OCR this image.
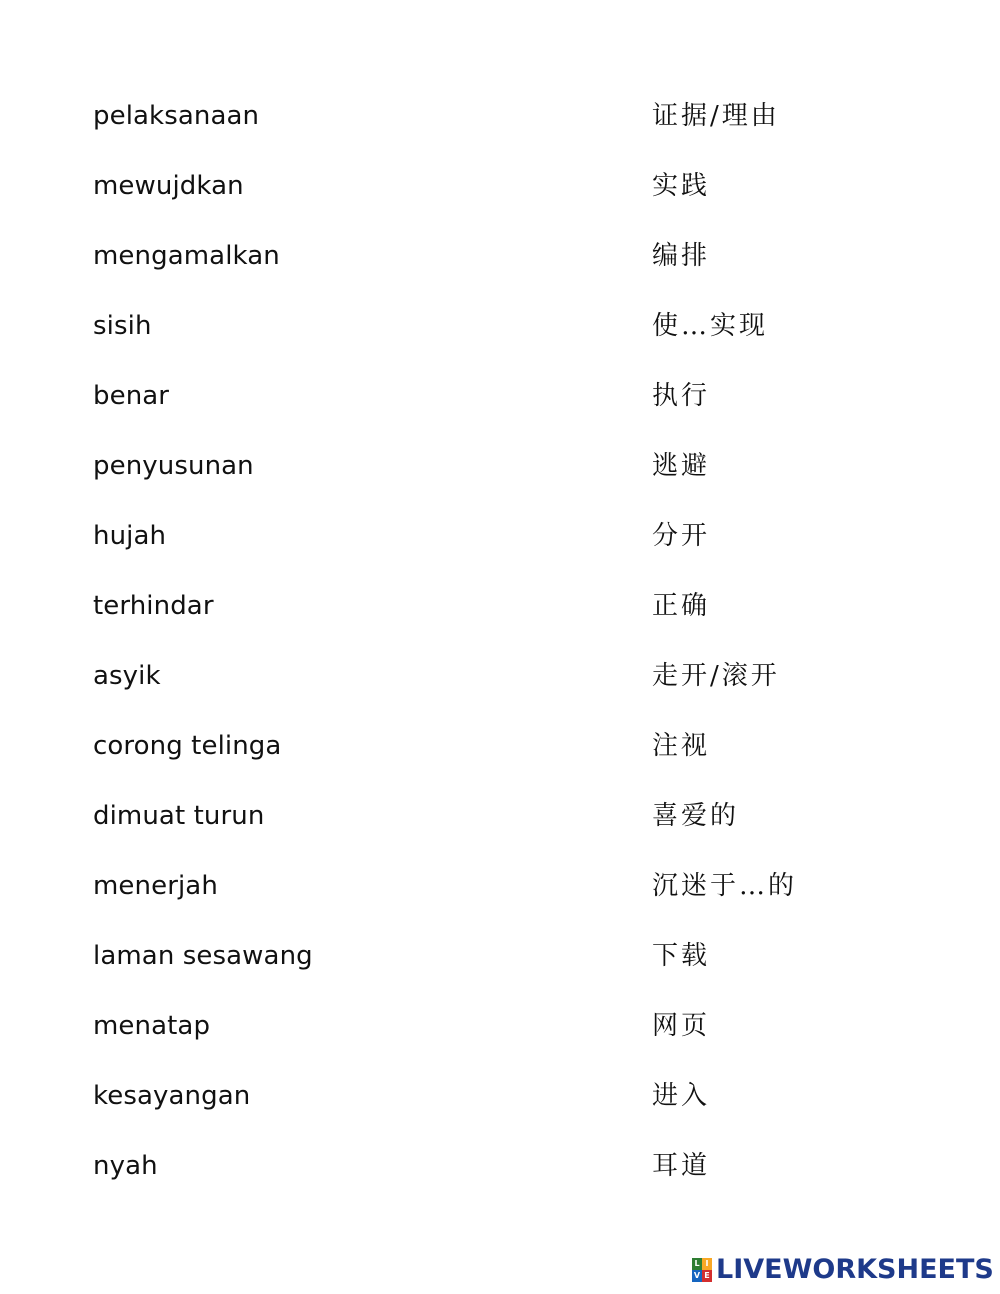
pelaksanaan
mewujdkan
mengamalkan
sisih
benar
penyusunan
hujah
terhindar
asyik
corong telinga
dimuat turun
menerjah
laman sesawang
menatap
kesayangan
nyah
证据/理由
实践
编排
使…实现
执行
逃避
分开
正确
走开/滚开
注视
喜爱的
沉迷于…的
下载
网页
进入
耳道
L I
V E LIVEWORKSHEETS
